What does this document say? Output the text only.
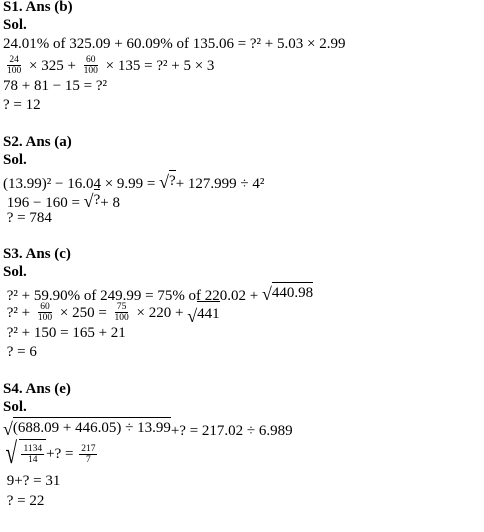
S1. Ans (b)
Sol.
24.01% of 325.09 + 60.09% of 135.06 = ?² + 5.03 × 2.99
$\frac{24}{100} \times 325 + \frac{60}{100} \times 135$ = ?² + 5 × 3
78 + 81 − 15 = ?²
? = 12
S2. Ans (a)
Sol.
(13.99)² − 16.04 × 9.99 = √ ? + 127.999 ÷ 4²
196 − 160 = √ ? + 8
? = 784
S3. Ans (c)
Sol.
?² + 59.90% of 249.99 = 75% of 220.02 + √ 440.98
?² + $\frac{60}{100} \times 250 = \frac{75}{100} \times 220$ + √ 441
?² + 150 = 165 + 21
? = 6
S4. Ans (e)
Sol.
√ (688.09 + 446.05) ÷ 13.99 +? = 217.02 ÷ 6.989
√ $\frac{1134}{14}$ +? = $\frac{217}{7}$
9+? = 31
? = 22
